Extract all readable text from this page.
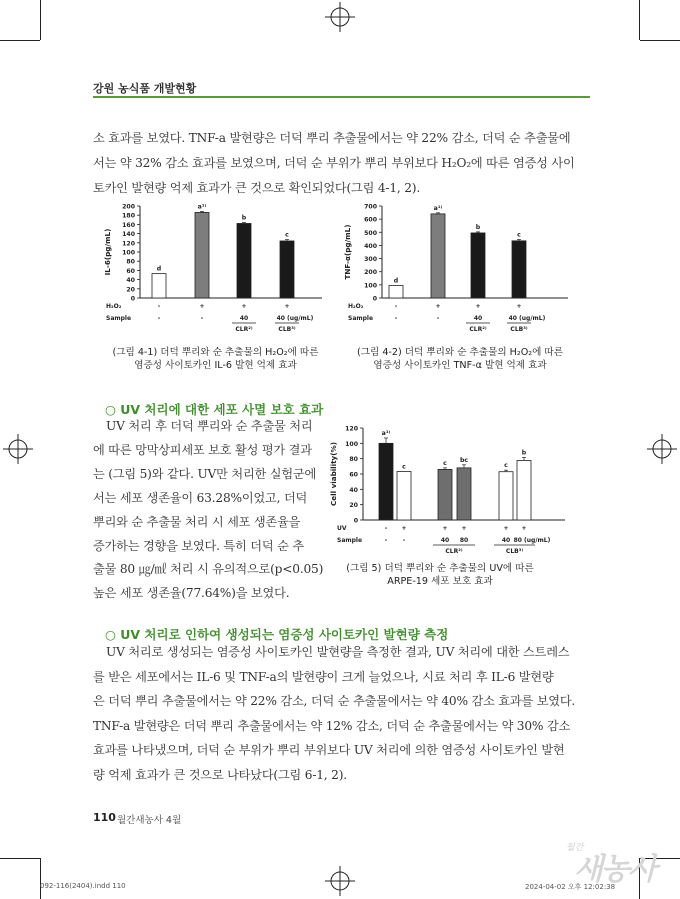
강원 농식품 개발현황
소 효과를 보였다. TNF-a 발현량은 더덕 뿌리 추출물에서는 약 22% 감소, 더덕 순 추출물에
서는 약 32% 감소 효과를 보였으며, 더덕 순 부위가 뿌리 부위보다 H₂O₂에 따른 염증성 사이
토카인 발현량 억제 효과가 큰 것으로 확인되었다(그림 4-1, 2).
0
20
40
60
80
100
120
140
160
180
200
IL-6(pg/mL)	d
-
-
a¹⁾
+
-
b
+
40
c
+
40 (ug/mL)
H₂O₂
Sample
CLR²⁾	CLB³⁾
(그림 4-1) 더덕 뿌리와 순 추출물의 H₂O₂에 따른
염증성 사이토카인 IL-6 발현 억제 효과
0
100
200
300
400
500
600
700
TNF-α(pg/mL)
d
-
-
a¹⁾
+
-
b
+
40
c
+
40 (ug/mL)
H₂O₂
Sample
CLR²⁾	CLB³⁾
(그림 4-2) 더덕 뿌리와 순 추출물의 H₂O₂에 따른
염증성 사이토카인 TNF-α 발현 억제 효과
○ UV 처리에 대한 세포 사멸 보호 효과
UV 처리 후 더덕 뿌리와 순 추출물 처리
에 따른 망막상피세포 보호 활성 평가 결과
는 (그림 5)와 같다. UV만 처리한 실험군에
서는 세포 생존율이 63.28%이었고, 더덕
뿌리와 순 추출물 처리 시 세포 생존율을
증가하는 경향을 보였다. 특히 더덕 순 추
출물 80 ㎍/㎖ 처리 시 유의적으로(p<0.05)
높은 세포 생존율(77.64%)을 보였다.
0
20
40
60
80
100
120
Cell viability(%)
a¹⁾
-
-
c
+
-
c
+
40
bc
+
80
c
+
40
b
+
80 (ug/mL)
UV
Sample
CLR²⁾	CLB³⁾
(그림 5) 더덕 뿌리와 순 추출물의 UV에 따른
ARPE-19 세포 보호 효과
○ UV 처리로 인하여 생성되는 염증성 사이토카인 발현량 측정
UV 처리로 생성되는 염증성 사이토카인 발현량을 측정한 결과, UV 처리에 대한 스트레스
를 받은 세포에서는 IL-6 및 TNF-a의 발현량이 크게 늘었으나, 시료 처리 후 IL-6 발현량
은 더덕 뿌리 추출물에서는 약 22% 감소, 더덕 순 추출물에서는 약 40% 감소 효과를 보였다.
TNF-a 발현량은 더덕 뿌리 추출물에서는 약 12% 감소, 더덕 순 추출물에서는 약 30% 감소
효과를 나타냈으며, 더덕 순 부위가 뿌리 부위보다 UV 처리에 의한 염증성 사이토카인 발현
량 억제 효과가 큰 것으로 나타났다(그림 6-1, 2).
110 월간새농사 4월
092-116(2404).indd 110	2024-04-02 오후 12:02:38
월간
새농사
